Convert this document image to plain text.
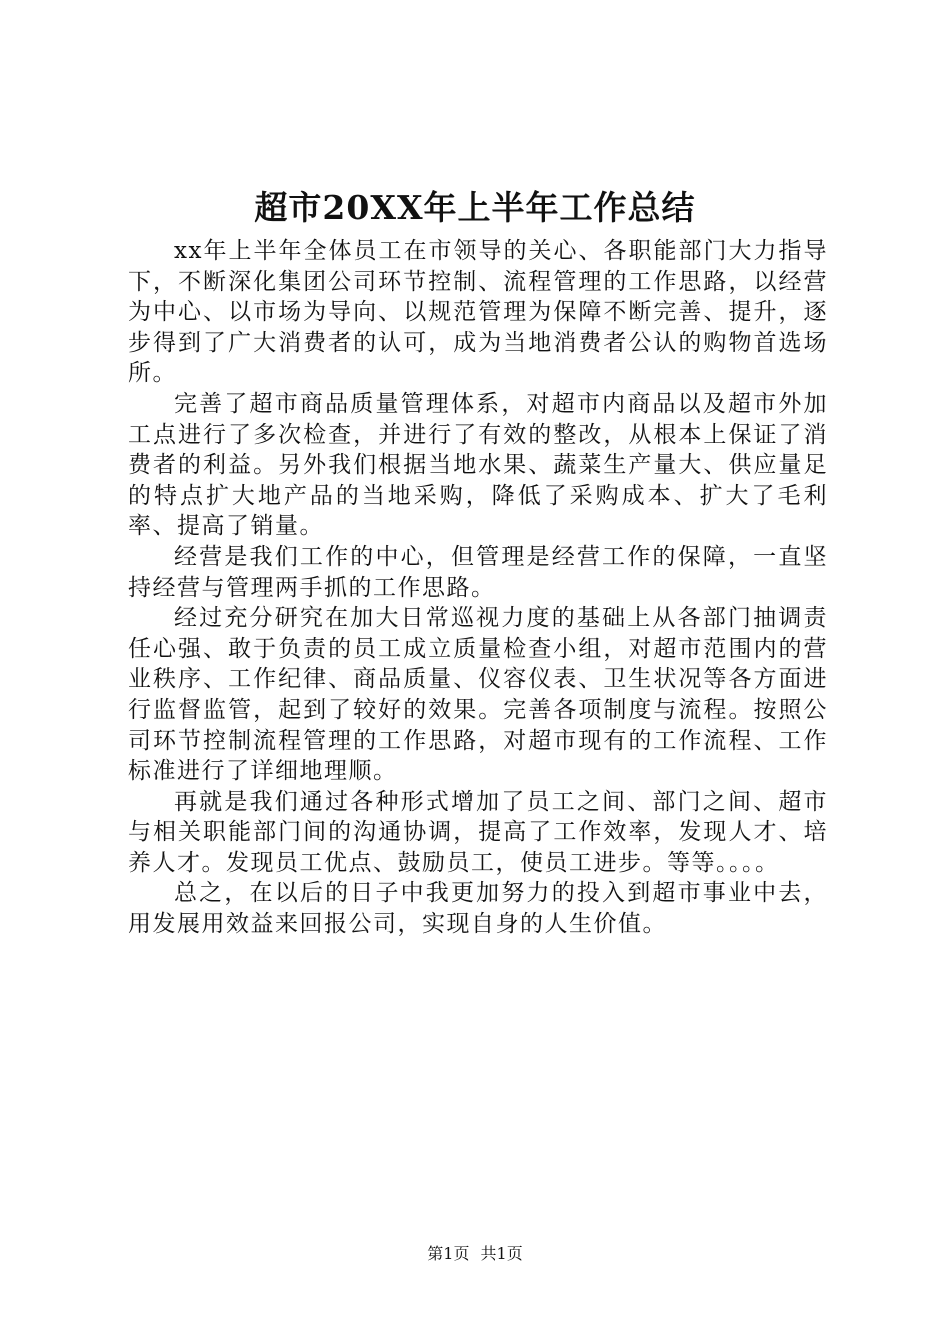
超市20XX年上半年工作总结

xx年上半年全体员工在市领导的关心、各职能部门大力指导下，不断深化集团公司环节控制、流程管理的工作思路，以经营为中心、以市场为导向、以规范管理为保障不断完善、提升，逐步得到了广大消费者的认可，成为当地消费者公认的购物首选场所。

完善了超市商品质量管理体系，对超市内商品以及超市外加工点进行了多次检查，并进行了有效的整改，从根本上保证了消费者的利益。另外我们根据当地水果、蔬菜生产量大、供应量足的特点扩大地产品的当地采购，降低了采购成本、扩大了毛利率、提高了销量。

经营是我们工作的中心，但管理是经营工作的保障，一直坚持经营与管理两手抓的工作思路。

经过充分研究在加大日常巡视力度的基础上从各部门抽调责任心强、敢于负责的员工成立质量检查小组，对超市范围内的营业秩序、工作纪律、商品质量、仪容仪表、卫生状况等各方面进行监督监管，起到了较好的效果。完善各项制度与流程。按照公司环节控制流程管理的工作思路，对超市现有的工作流程、工作标准进行了详细地理顺。

再就是我们通过各种形式增加了员工之间、部门之间、超市与相关职能部门间的沟通协调，提高了工作效率，发现人才、培养人才。发现员工优点、鼓励员工，使员工进步。等等。。。。

总之，在以后的日子中我更加努力的投入到超市事业中去，用发展用效益来回报公司，实现自身的人生价值。

第1页 共1页
